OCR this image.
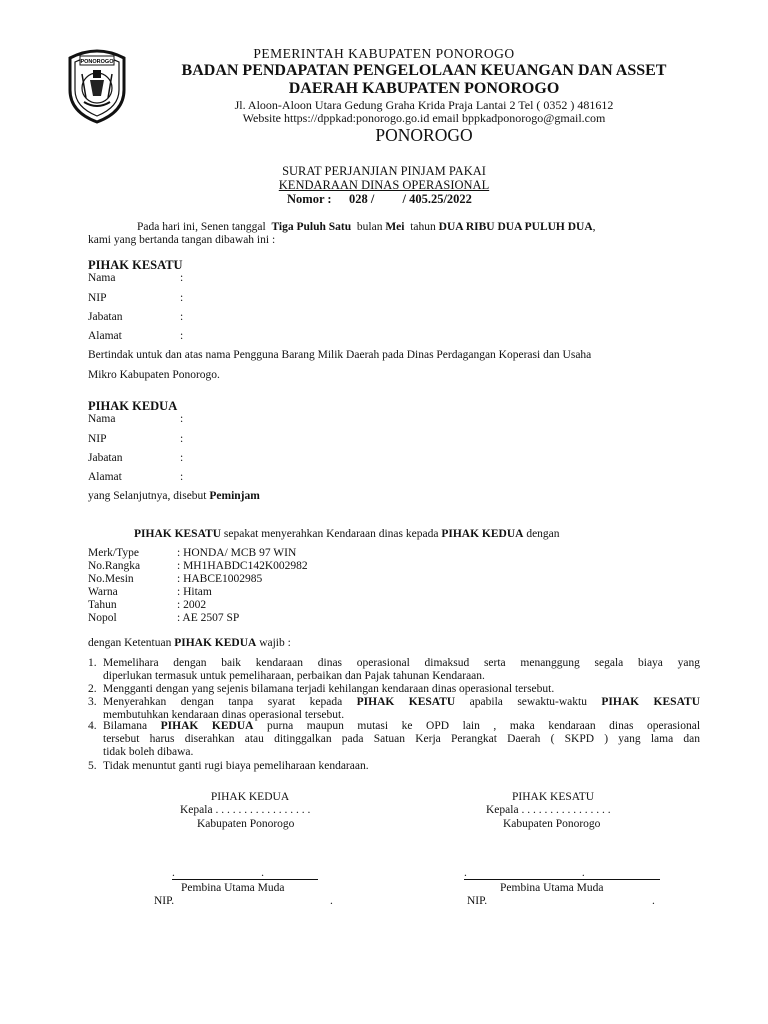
PONOROGO
PEMERINTAH KABUPATEN PONOROGO
BADAN PENDAPATAN PENGELOLAAN KEUANGAN DAN ASSET
DAERAH KABUPATEN PONOROGO
Jl. Aloon-Aloon Utara Gedung Graha Krida Praja Lantai 2 Tel ( 0352 ) 481612
Website https://dppkad:ponorogo.go.id email bppkadponorogo@gmail.com
PONOROGO
SURAT PERJANJIAN PINJAM PAKAI
KENDARAAN DINAS OPERASIONAL
Nomor : 028 /         / 405.25/2022
Pada hari ini, Senen tanggal Tiga Puluh Satu bulan Mei tahun DUA RIBU DUA PULUH DUA,
kami yang bertanda tangan dibawah ini :
PIHAK KESATU
Nama	:
NIP	:
Jabatan	:
Alamat	:
Bertindak untuk dan atas nama Pengguna Barang Milik Daerah pada Dinas Perdagangan Koperasi dan Usaha
Mikro Kabupaten Ponorogo.
PIHAK KEDUA
Nama	:
NIP	:
Jabatan	:
Alamat	:
yang Selanjutnya, disebut Peminjam
PIHAK KESATU sepakat menyerahkan Kendaraan dinas kepada PIHAK KEDUA dengan
Merk/Type	: HONDA/ MCB 97 WIN
No.Rangka	: MH1HABDC142K002982
No.Mesin	: HABCE1002985
Warna	: Hitam
Tahun	: 2002
Nopol	: AE 2507 SP
dengan Ketentuan PIHAK KEDUA wajib :
1. Memelihara dengan baik kendaraan dinas operasional dimaksud serta menanggung segala biaya yang
diperlukan termasuk untuk pemeliharaan, perbaikan dan Pajak tahunan Kendaraan.
2. Mengganti dengan yang sejenis bilamana terjadi kehilangan kendaraan dinas operasional tersebut.
3. Menyerahkan dengan tanpa syarat kepada PIHAK KESATU apabila sewaktu-waktu PIHAK KESATU
membutuhkan kendaraan dinas operasional tersebut.
4. Bilamana PIHAK KEDUA purna maupun mutasi ke OPD lain , maka kendaraan dinas operasional
tersebut harus diserahkan atau ditinggalkan pada Satuan Kerja Perangkat Daerah ( SKPD ) yang lama dan
tidak boleh dibawa.
5. Tidak menuntut ganti rugi biaya pemeliharaan kendaraan.
PIHAK KEDUA
Kepala . . . . . . . . . . . . . . . . .
Kabupaten Ponorogo
.                              .
Pembina Utama Muda
NIP.	.
PIHAK KESATU
Kepala . . . . . . . . . . . . . . . .
Kabupaten Ponorogo
.                                        .
Pembina Utama Muda
NIP.	.
